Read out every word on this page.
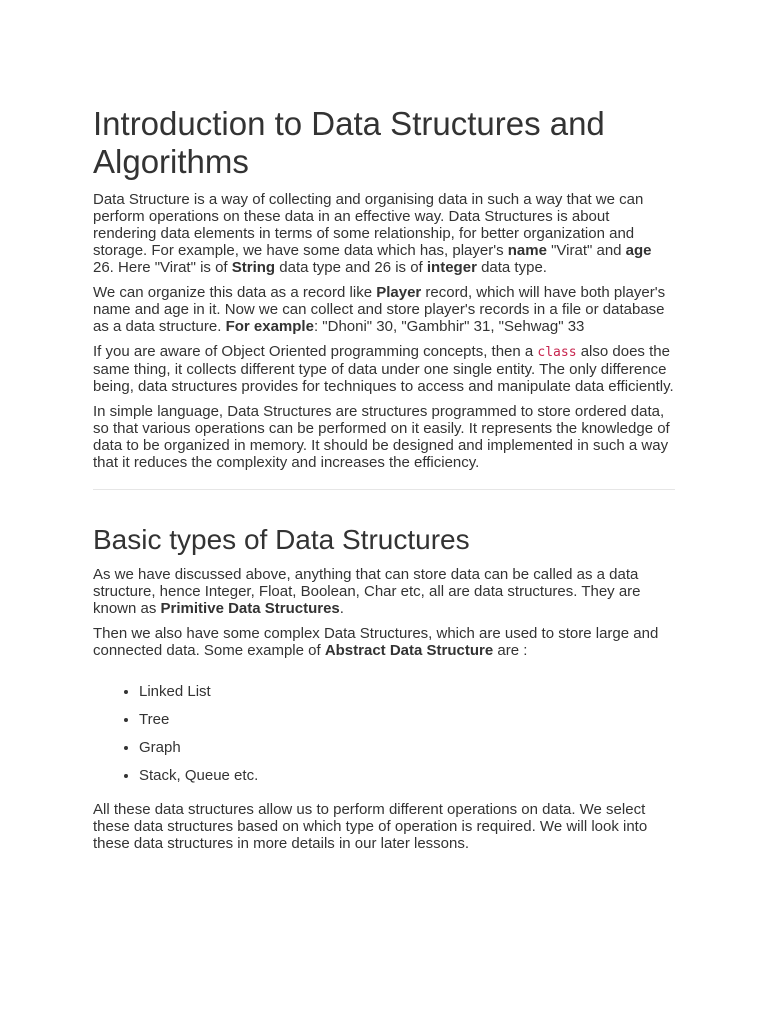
Introduction to Data Structures and Algorithms

Data Structure is a way of collecting and organising data in such a way that we can perform operations on these data in an effective way. Data Structures is about rendering data elements in terms of some relationship, for better organization and storage. For example, we have some data which has, player's name "Virat" and age 26. Here "Virat" is of String data type and 26 is of integer data type.

We can organize this data as a record like Player record, which will have both player's name and age in it. Now we can collect and store player's records in a file or database as a data structure. For example: "Dhoni" 30, "Gambhir" 31, "Sehwag" 33

If you are aware of Object Oriented programming concepts, then a class also does the same thing, it collects different type of data under one single entity. The only difference being, data structures provides for techniques to access and manipulate data efficiently.

In simple language, Data Structures are structures programmed to store ordered data, so that various operations can be performed on it easily. It represents the knowledge of data to be organized in memory. It should be designed and implemented in such a way that it reduces the complexity and increases the efficiency.

Basic types of Data Structures

As we have discussed above, anything that can store data can be called as a data structure, hence Integer, Float, Boolean, Char etc, all are data structures. They are known as Primitive Data Structures.

Then we also have some complex Data Structures, which are used to store large and connected data. Some example of Abstract Data Structure are :

• Linked List
• Tree
• Graph
• Stack, Queue etc.

All these data structures allow us to perform different operations on data. We select these data structures based on which type of operation is required. We will look into these data structures in more details in our later lessons.
